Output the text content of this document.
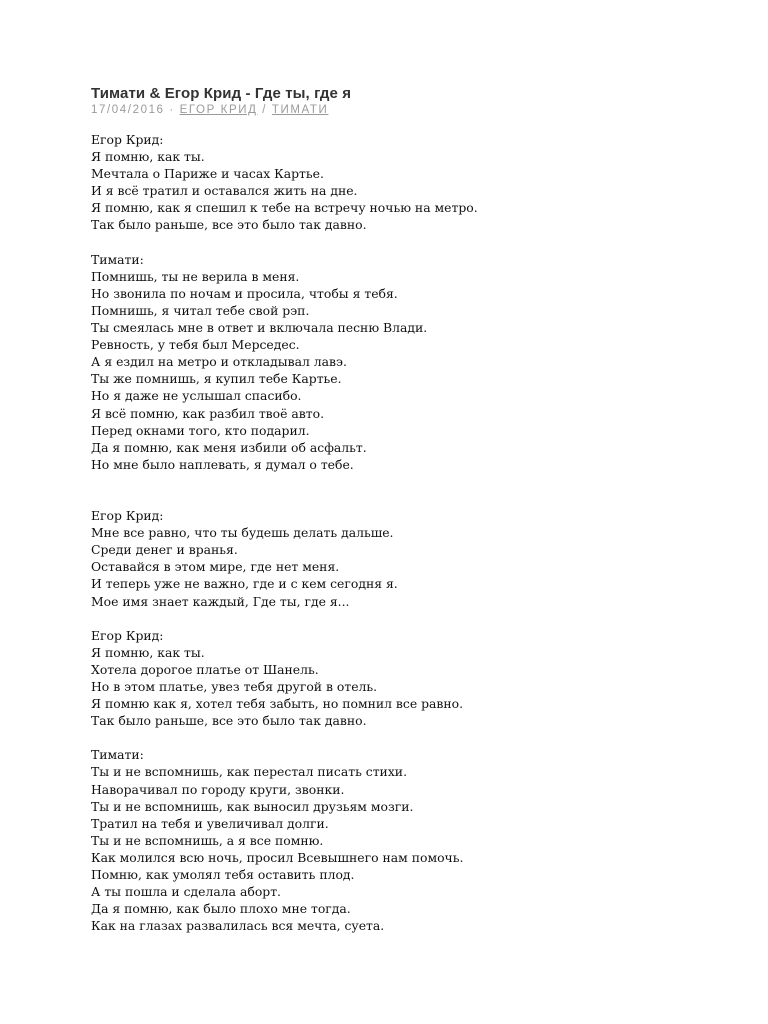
Тимати & Егор Крид - Где ты, где я
17/04/2016 · ЕГОР КРИД / ТИМАТИ
Егор Крид:
Я помню, как ты.
Мечтала о Париже и часах Картье.
И я всё тратил и оставался жить на дне.
Я помню, как я спешил к тебе на встречу ночью на метро.
Так было раньше, все это было так давно.
Тимати:
Помнишь, ты не верила в меня.
Но звонила по ночам и просила, чтобы я тебя.
Помнишь, я читал тебе свой рэп.
Ты смеялась мне в ответ и включала песню Влади.
Ревность, у тебя был Мерседес.
А я ездил на метро и откладывал лавэ.
Ты же помнишь, я купил тебе Картье.
Но я даже не услышал спасибо.
Я всё помню, как разбил твоё авто.
Перед окнами того, кто подарил.
Да я помню, как меня избили об асфальт.
Но мне было наплевать, я думал о тебе.
Егор Крид:
Мне все равно, что ты будешь делать дальше.
Среди денег и вранья.
Оставайся в этом мире, где нет меня.
И теперь уже не важно, где и с кем сегодня я.
Мое имя знает каждый, Где ты, где я...
Егор Крид:
Я помню, как ты.
Хотела дорогое платье от Шанель.
Но в этом платье, увез тебя другой в отель.
Я помню как я, хотел тебя забыть, но помнил все равно.
Так было раньше, все это было так давно.
Тимати:
Ты и не вспомнишь, как перестал писать стихи.
Наворачивал по городу круги, звонки.
Ты и не вспомнишь, как выносил друзьям мозги.
Тратил на тебя и увеличивал долги.
Ты и не вспомнишь, а я все помню.
Как молился всю ночь, просил Всевышнего нам помочь.
Помню, как умолял тебя оставить плод.
А ты пошла и сделала аборт.
Да я помню, как было плохо мне тогда.
Как на глазах развалилась вся мечта, суета.
